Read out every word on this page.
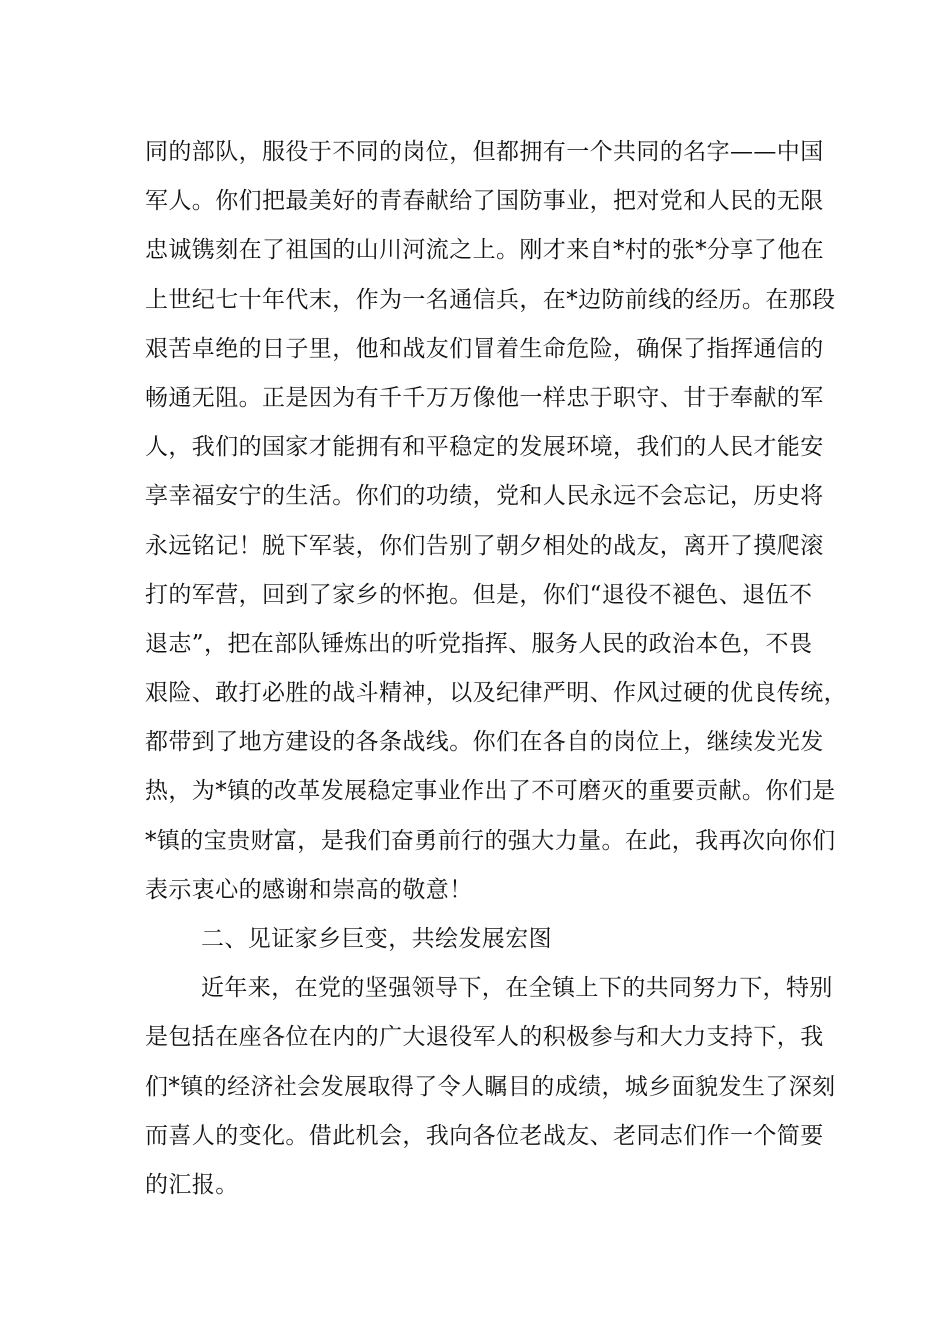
同的部队，服役于不同的岗位，但都拥有一个共同的名字——中国
军人。你们把最美好的青春献给了国防事业，把对党和人民的无限
忠诚镌刻在了祖国的山川河流之上。刚才来自*村的张*分享了他在
上世纪七十年代末，作为一名通信兵，在*边防前线的经历。在那段
艰苦卓绝的日子里，他和战友们冒着生命危险，确保了指挥通信的
畅通无阻。正是因为有千千万万像他一样忠于职守、甘于奉献的军
人，我们的国家才能拥有和平稳定的发展环境，我们的人民才能安
享幸福安宁的生活。你们的功绩，党和人民永远不会忘记，历史将
永远铭记！脱下军装，你们告别了朝夕相处的战友，离开了摸爬滚
打的军营，回到了家乡的怀抱。但是，你们“退役不褪色、退伍不
退志”，把在部队锤炼出的听党指挥、服务人民的政治本色，不畏
艰险、敢打必胜的战斗精神，以及纪律严明、作风过硬的优良传统，
都带到了地方建设的各条战线。你们在各自的岗位上，继续发光发
热，为*镇的改革发展稳定事业作出了不可磨灭的重要贡献。你们是
*镇的宝贵财富，是我们奋勇前行的强大力量。在此，我再次向你们
表示衷心的感谢和崇高的敬意！
二、见证家乡巨变，共绘发展宏图
近年来，在党的坚强领导下，在全镇上下的共同努力下，特别
是包括在座各位在内的广大退役军人的积极参与和大力支持下，我
们*镇的经济社会发展取得了令人瞩目的成绩，城乡面貌发生了深刻
而喜人的变化。借此机会，我向各位老战友、老同志们作一个简要
的汇报。
